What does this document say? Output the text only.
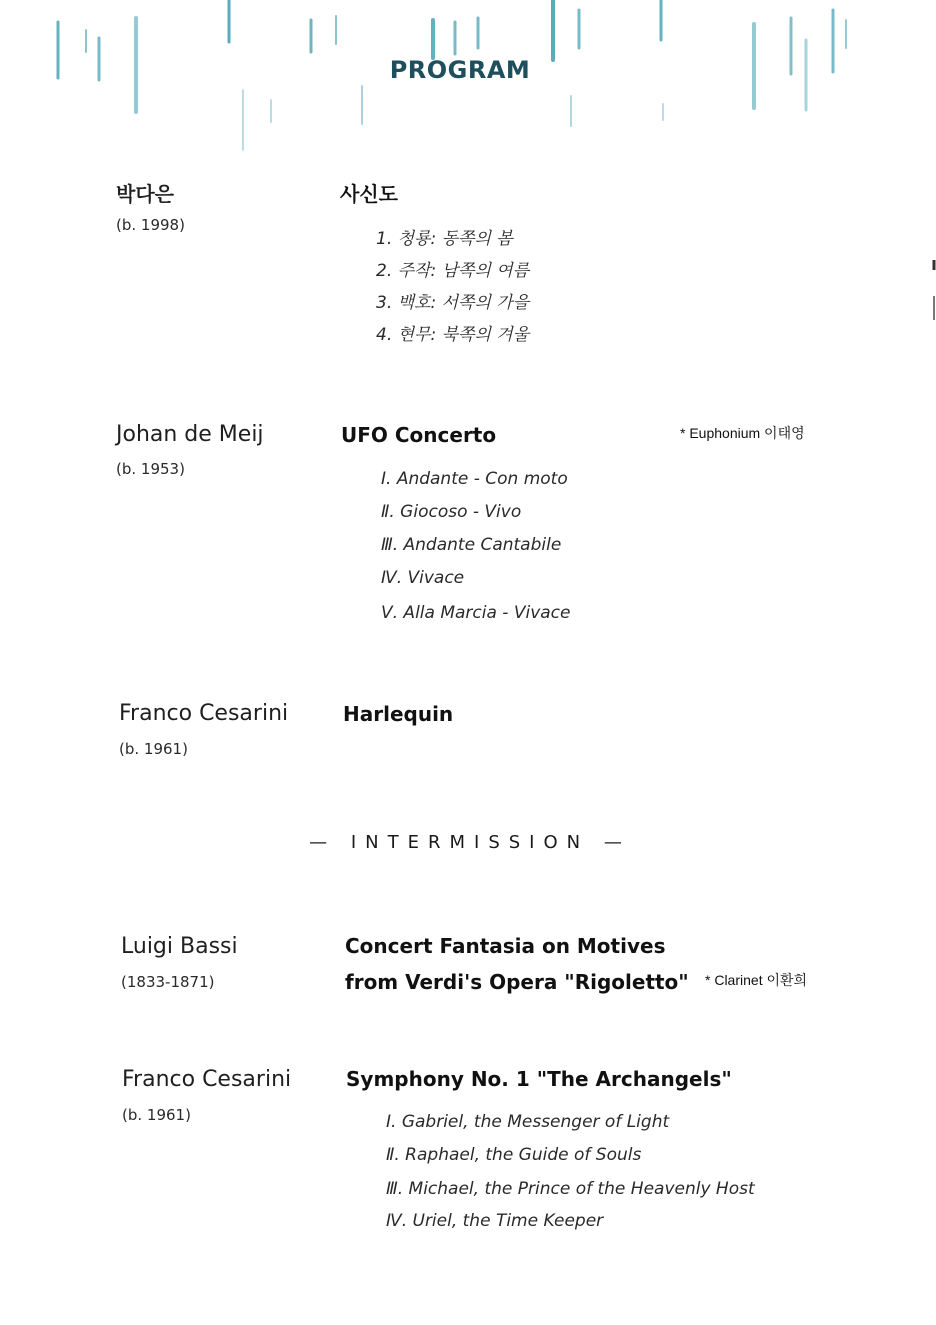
PROGRAM
박다은
(b. 1998)
사신도
1. 청룡: 동쪽의 봄
2. 주작: 남쪽의 여름
3. 백호: 서쪽의 가을
4. 현무: 북쪽의 겨울
Johan de Meij
(b. 1953)
UFO Concerto	* Euphonium 이태영
Ⅰ. Andante - Con moto
Ⅱ. Giocoso - Vivo
Ⅲ. Andante Cantabile
Ⅳ. Vivace
Ⅴ. Alla Marcia - Vivace
Franco Cesarini
(b. 1961)
Harlequin
— INTERMISSION —
Luigi Bassi
(1833-1871)
Concert Fantasia on Motives
from Verdi's Opera "Rigoletto" * Clarinet 이환희
Franco Cesarini
(b. 1961)
Symphony No. 1 "The Archangels"
Ⅰ. Gabriel, the Messenger of Light
Ⅱ. Raphael, the Guide of Souls
Ⅲ. Michael, the Prince of the Heavenly Host
Ⅳ. Uriel, the Time Keeper
